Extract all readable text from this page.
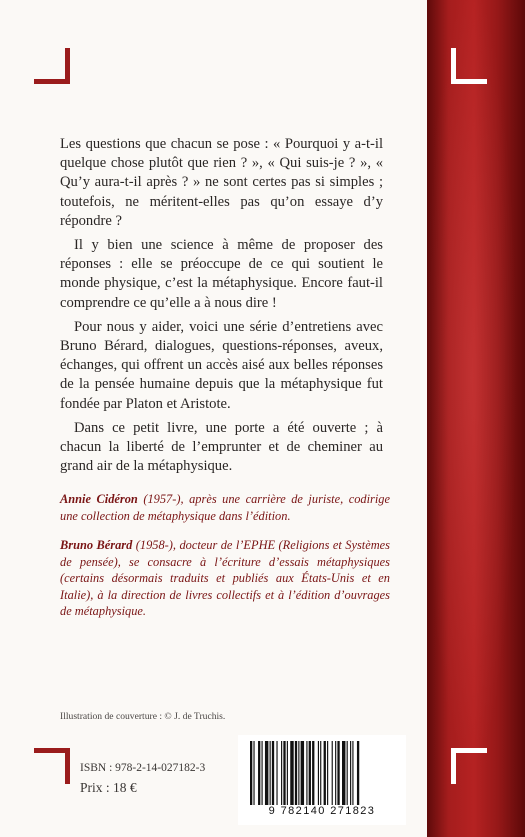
Les questions que chacun se pose : « Pourquoi y a-t-il quelque chose plutôt que rien ? », « Qui suis-je ? », « Qu’y aura-t-il après ? » ne sont certes pas si simples ; toutefois, ne méritent-elles pas qu’on essaye d’y répondre ?

Il y bien une science à même de proposer des réponses : elle se préoccupe de ce qui soutient le monde physique, c’est la métaphysique. Encore faut-il comprendre ce qu’elle a à nous dire !

Pour nous y aider, voici une série d’entretiens avec Bruno Bérard, dialogues, questions-réponses, aveux, échanges, qui offrent un accès aisé aux belles réponses de la pensée humaine depuis que la métaphysique fut fondée par Platon et Aristote.

Dans ce petit livre, une porte a été ouverte ; à chacun la liberté de l’emprunter et de cheminer au grand air de la métaphysique.

Annie Cidéron (1957-), après une carrière de juriste, codirige une collection de métaphysique dans l’édition.
Bruno Bérard (1958-), docteur de l’EPHE (Religions et Systèmes de pensée), se consacre à l’écriture d’essais métaphysiques (certains désormais traduits et publiés aux États-Unis et en Italie), à la direction de livres collectifs et à l’édition d’ouvrages de métaphysique.
Illustration de couverture : © J. de Truchis.
ISBN : 978-2-14-027182-3
Prix : 18 €
9 782140 271823
